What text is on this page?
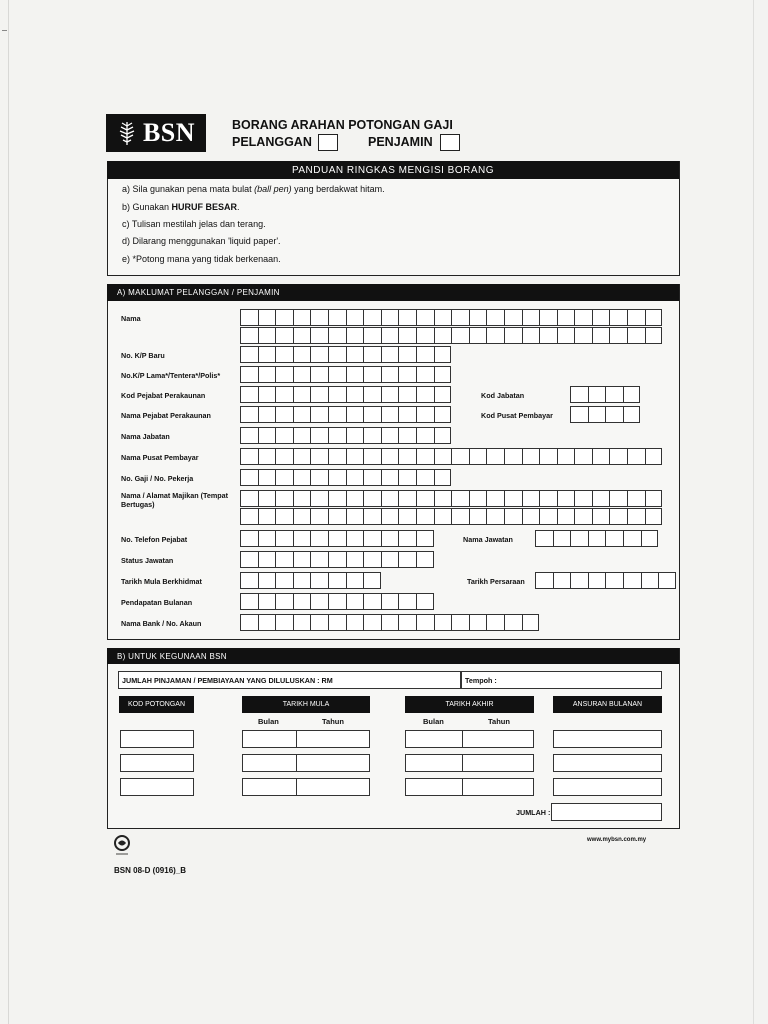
BSN	BORANG ARAHAN POTONGAN GAJI
PELANGGAN	PENJAMIN
PANDUAN RINGKAS MENGISI BORANG
a) Sila gunakan pena mata bulat (ball pen) yang berdakwat hitam.
b) Gunakan HURUF BESAR.
c) Tulisan mestilah jelas dan terang.
d) Dilarang menggunakan 'liquid paper'.
e) *Potong mana yang tidak berkenaan.
A) MAKLUMAT PELANGGAN / PENJAMIN
Nama
No. K/P Baru
No.K/P Lama*/Tentera*/Polis*
Kod Pejabat Perakaunan	Kod Jabatan
Nama Pejabat Perakaunan	Kod Pusat Pembayar
Nama Jabatan
Nama Pusat Pembayar
No. Gaji / No. Pekerja
Nama / Alamat Majikan (Tempat Bertugas)
No. Telefon Pejabat	Nama Jawatan
Status Jawatan
Tarikh Mula Berkhidmat	Tarikh Persaraan
Pendapatan Bulanan
Nama Bank / No. Akaun
B) UNTUK KEGUNAAN BSN
JUMLAH PINJAMAN / PEMBIAYAAN YANG DILULUSKAN : RM	Tempoh :
KOD POTONGAN	TARIKH MULA	TARIKH AKHIR	ANSURAN BULANAN
Bulan	Tahun	Bulan	Tahun
JUMLAH :
www.mybsn.com.my
BSN 08-D (0916)_B
